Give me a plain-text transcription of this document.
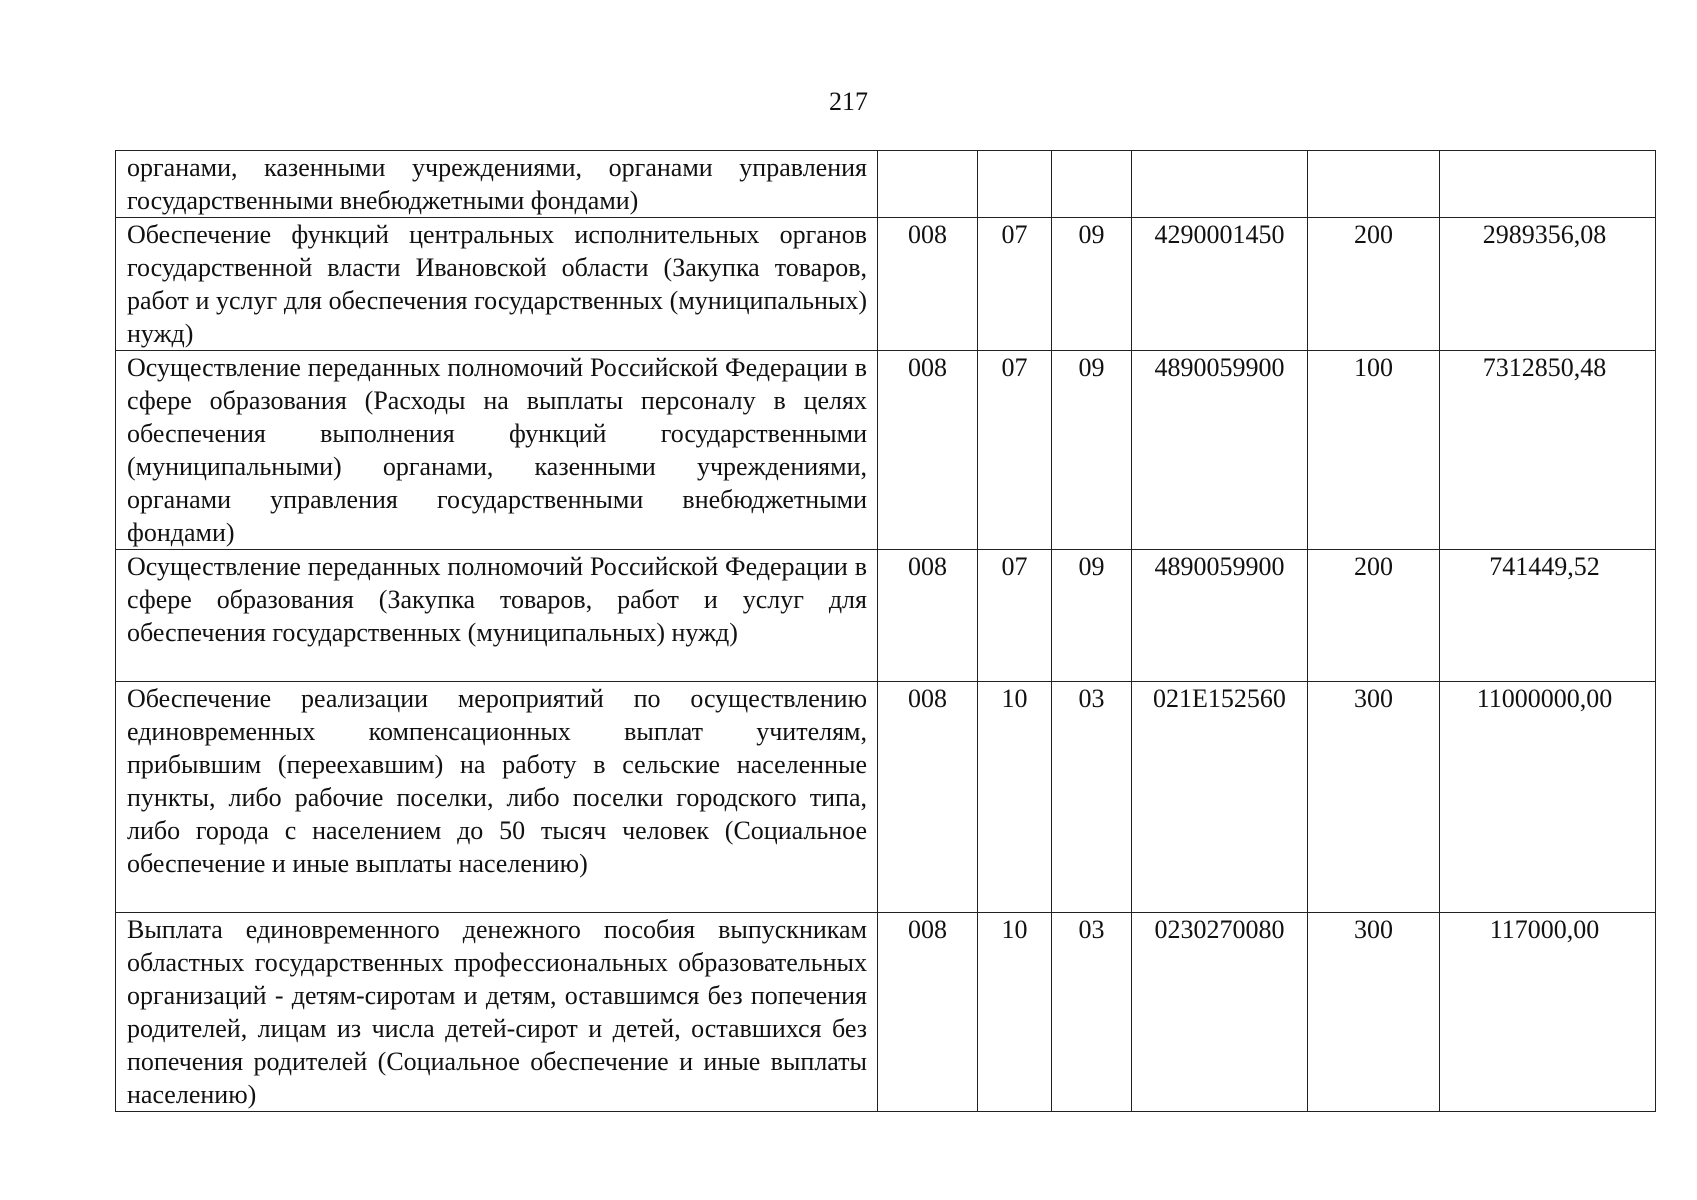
217
органами, казенными учреждениями, органами управления государственными внебюджетными фондами)						
Обеспечение функций центральных исполнительных органов государственной власти Ивановской области (Закупка товаров, работ и услуг для обеспечения государственных (муниципальных) нужд)	008	07	09	4290001450	200	2989356,08
Осуществление переданных полномочий Российской Федерации в сфере образования (Расходы на выплаты персоналу в целях обеспечения выполнения функций государственными (муниципальными) органами, казенными учреждениями, органами управления государственными внебюджетными фондами)	008	07	09	4890059900	100	7312850,48
Осуществление переданных полномочий Российской Федерации в сфере образования (Закупка товаров, работ и услуг для обеспечения государственных (муниципальных) нужд)	008	07	09	4890059900	200	741449,52
Обеспечение реализации мероприятий по осуществлению единовременных компенсационных выплат учителям, прибывшим (переехавшим) на работу в сельские населенные пункты, либо рабочие поселки, либо поселки городского типа, либо города с населением до 50 тысяч человек (Социальное обеспечение и иные выплаты населению)	008	10	03	021E152560	300	11000000,00
Выплата единовременного денежного пособия выпускникам областных государственных профессиональных образовательных организаций - детям-сиротам и детям, оставшимся без попечения родителей, лицам из числа детей-сирот и детей, оставшихся без попечения родителей (Социальное обеспечение и иные выплаты населению)	008	10	03	0230270080	300	117000,00
